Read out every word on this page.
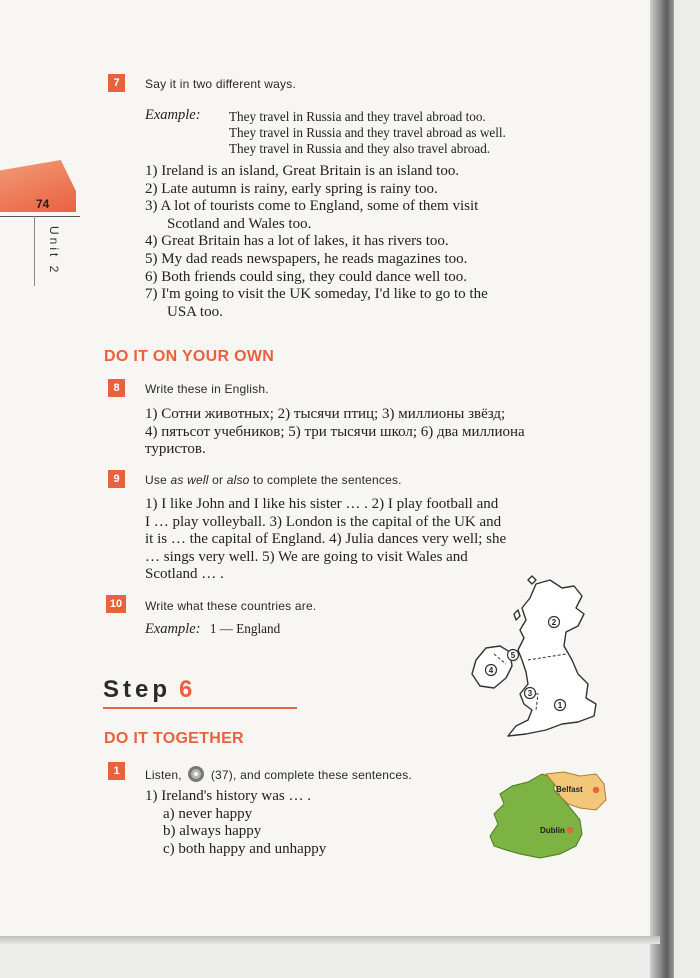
74
Unit 2
7	Say it in two different ways.
Example: They travel in Russia and they travel abroad too.
They travel in Russia and they travel abroad as well.
They travel in Russia and they also travel abroad.
1) Ireland is an island, Great Britain is an island too.
2) Late autumn is rainy, early spring is rainy too.
3) A lot of tourists come to England, some of them visit
Scotland and Wales too.
4) Great Britain has a lot of lakes, it has rivers too.
5) My dad reads newspapers, he reads magazines too.
6) Both friends could sing, they could dance well too.
7) I'm going to visit the UK someday, I'd like to go to the
USA too.
DO IT ON YOUR OWN
8	Write these in English.
1) Сотни животных; 2) тысячи птиц; 3) миллионы звёзд;
4) пятьсот учебников; 5) три тысячи школ; 6) два миллиона
туристов.
9	Use as well or also to complete the sentences.
1) I like John and I like his sister … . 2) I play football and
I … play volleyball. 3) London is the capital of the UK and
it is … the capital of England. 4) Julia dances very well; she
… sings very well. 5) We are going to visit Wales and
Scotland … .
10	Write what these countries are.
Example: 1 — England
1
2
3
4
5
Step 6
DO IT TOGETHER
1	Listen, (37), and complete these sentences.
1) Ireland's history was … .
a) never happy
b) always happy
c) both happy and unhappy
Belfast
Dublin
